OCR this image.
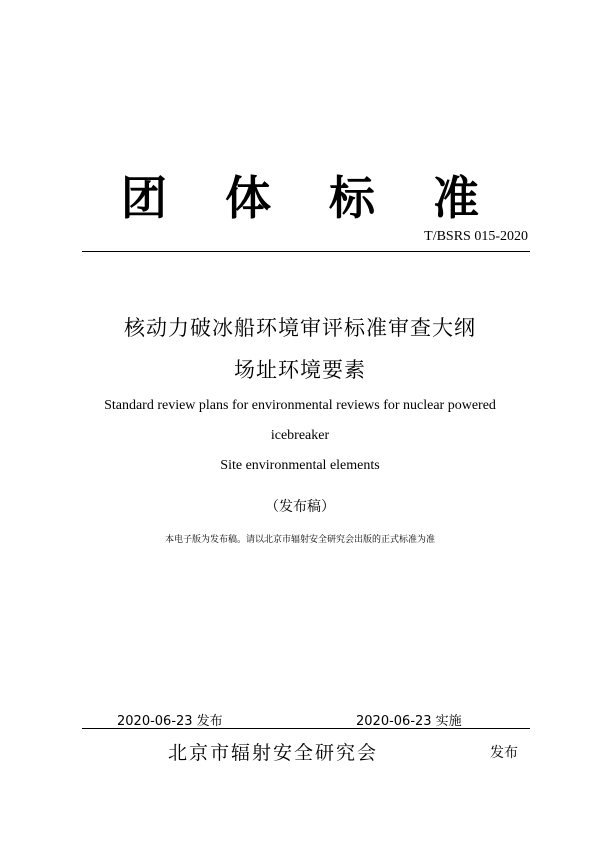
团 体 标 准
T/BSRS 015-2020
核动力破冰船环境审评标准审查大纲
场址环境要素
Standard review plans for environmental reviews for nuclear powered
icebreaker
Site environmental elements
（发布稿）
本电子版为发布稿。请以北京市辐射安全研究会出版的正式标准为准
2020-06-23 发布	2020-06-23 实施
北京市辐射安全研究会	发布
